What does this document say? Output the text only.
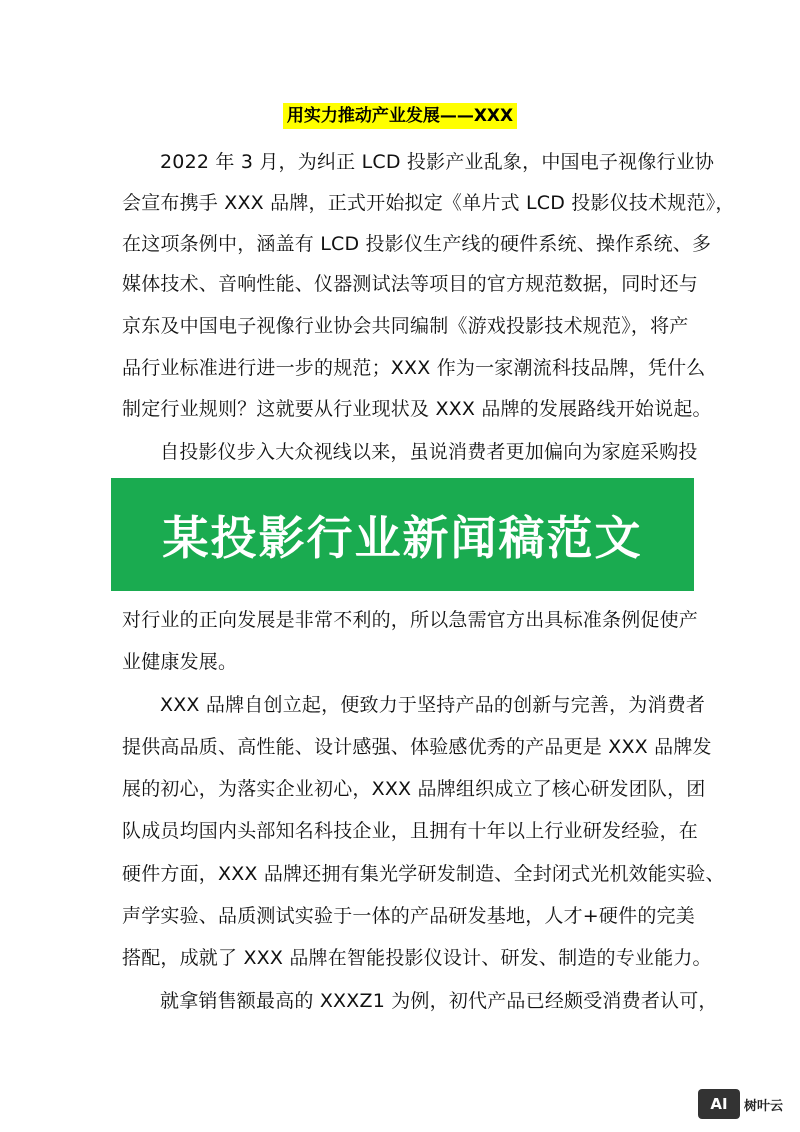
用实力推动产业发展——XXX
2022 年 3 月，为纠正 LCD 投影产业乱象，中国电子视像行业协
会宣布携手 XXX 品牌，正式开始拟定《单片式 LCD 投影仪技术规范》，
在这项条例中，涵盖有 LCD 投影仪生产线的硬件系统、操作系统、多
媒体技术、音响性能、仪器测试法等项目的官方规范数据，同时还与
京东及中国电子视像行业协会共同编制《游戏投影技术规范》，将产
品行业标准进行进一步的规范；XXX 作为一家潮流科技品牌，凭什么
制定行业规则？这就要从行业现状及 XXX 品牌的发展路线开始说起。
自投影仪步入大众视线以来，虽说消费者更加偏向为家庭采购投
某投影行业新闻稿范文
对行业的正向发展是非常不利的，所以急需官方出具标准条例促使产
业健康发展。
XXX 品牌自创立起，便致力于坚持产品的创新与完善，为消费者
提供高品质、高性能、设计感强、体验感优秀的产品更是 XXX 品牌发
展的初心，为落实企业初心，XXX 品牌组织成立了核心研发团队，团
队成员均国内头部知名科技企业，且拥有十年以上行业研发经验，在
硬件方面，XXX 品牌还拥有集光学研发制造、全封闭式光机效能实验、
声学实验、品质测试实验于一体的产品研发基地，人才+硬件的完美
搭配，成就了 XXX 品牌在智能投影仪设计、研发、制造的专业能力。
就拿销售额最高的 XXXZ1 为例，初代产品已经颇受消费者认可，
AI	树叶云
